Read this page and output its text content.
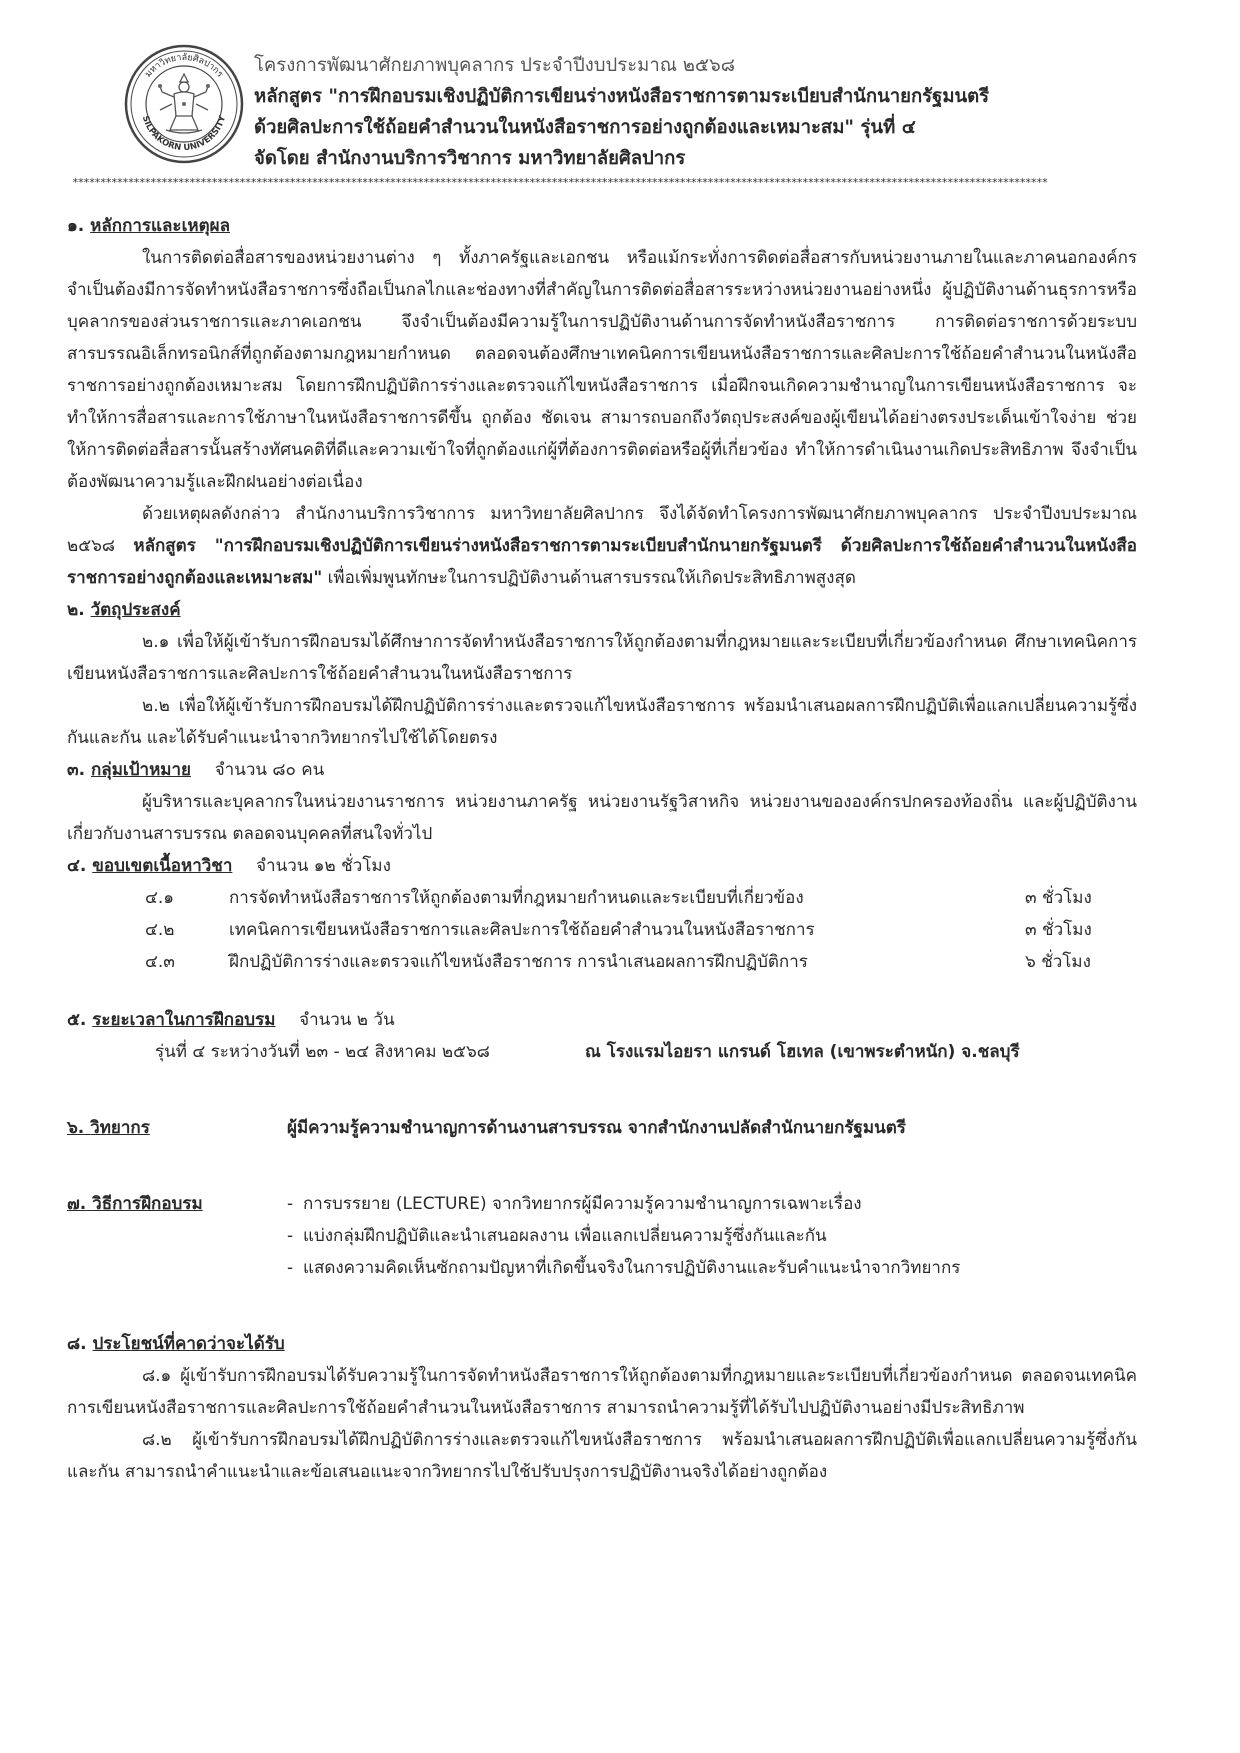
มหาวิทยาลัยศิลปากร
SILPAKORN UNIVERSITY
โครงการพัฒนาศักยภาพบุคลากร ประจำปีงบประมาณ ๒๕๖๘
หลักสูตร "การฝึกอบรมเชิงปฏิบัติการเขียนร่างหนังสือราชการตามระเบียบสำนักนายกรัฐมนตรี
ด้วยศิลปะการใช้ถ้อยคำสำนวนในหนังสือราชการอย่างถูกต้องและเหมาะสม" รุ่นที่ ๔
จัดโดย สำนักงานบริการวิชาการ มหาวิทยาลัยศิลปากร
*******************************************************************************************************************************************************************************
๑. หลักการและเหตุผล
ในการติดต่อสื่อสารของหน่วยงานต่าง ๆ ทั้งภาครัฐและเอกชน หรือแม้กระทั่งการติดต่อสื่อสารกับหน่วยงานภายในและภาคนอกองค์กร จำเป็นต้องมีการจัดทำหนังสือราชการซึ่งถือเป็นกลไกและช่องทางที่สำคัญในการติดต่อสื่อสารระหว่างหน่วยงานอย่างหนึ่ง ผู้ปฏิบัติงานด้านธุรการหรือบุคลากรของส่วนราชการและภาคเอกชน จึงจำเป็นต้องมีความรู้ในการปฏิบัติงานด้านการจัดทำหนังสือราชการ การติดต่อราชการด้วยระบบสารบรรณอิเล็กทรอนิกส์ที่ถูกต้องตามกฎหมายกำหนด ตลอดจนต้องศึกษาเทคนิคการเขียนหนังสือราชการและศิลปะการใช้ถ้อยคำสำนวนในหนังสือราชการอย่างถูกต้องเหมาะสม โดยการฝึกปฏิบัติการร่างและตรวจแก้ไขหนังสือราชการ เมื่อฝึกจนเกิดความชำนาญในการเขียนหนังสือราชการ จะทำให้การสื่อสารและการใช้ภาษาในหนังสือราชการดีขึ้น ถูกต้อง ชัดเจน สามารถบอกถึงวัตถุประสงค์ของผู้เขียนได้อย่างตรงประเด็นเข้าใจง่าย ช่วยให้การติดต่อสื่อสารนั้นสร้างทัศนคติที่ดีและความเข้าใจที่ถูกต้องแก่ผู้ที่ต้องการติดต่อหรือผู้ที่เกี่ยวข้อง ทำให้การดำเนินงานเกิดประสิทธิภาพ จึงจำเป็นต้องพัฒนาความรู้และฝึกฝนอย่างต่อเนื่อง
ด้วยเหตุผลดังกล่าว สำนักงานบริการวิชาการ มหาวิทยาลัยศิลปากร จึงได้จัดทำโครงการพัฒนาศักยภาพบุคลากร ประจำปีงบประมาณ ๒๕๖๘ หลักสูตร "การฝึกอบรมเชิงปฏิบัติการเขียนร่างหนังสือราชการตามระเบียบสำนักนายกรัฐมนตรี ด้วยศิลปะการใช้ถ้อยคำสำนวนในหนังสือราชการอย่างถูกต้องและเหมาะสม" เพื่อเพิ่มพูนทักษะในการปฏิบัติงานด้านสารบรรณให้เกิดประสิทธิภาพสูงสุด
๒. วัตถุประสงค์
๒.๑ เพื่อให้ผู้เข้ารับการฝึกอบรมได้ศึกษาการจัดทำหนังสือราชการให้ถูกต้องตามที่กฎหมายและระเบียบที่เกี่ยวข้องกำหนด ศึกษาเทคนิคการเขียนหนังสือราชการและศิลปะการใช้ถ้อยคำสำนวนในหนังสือราชการ
๒.๒ เพื่อให้ผู้เข้ารับการฝึกอบรมได้ฝึกปฏิบัติการร่างและตรวจแก้ไขหนังสือราชการ พร้อมนำเสนอผลการฝึกปฏิบัติเพื่อแลกเปลี่ยนความรู้ซึ่งกันและกัน และได้รับคำแนะนำจากวิทยากรไปใช้ได้โดยตรง
๓. กลุ่มเป้าหมาย จำนวน ๘๐ คน
ผู้บริหารและบุคลากรในหน่วยงานราชการ หน่วยงานภาครัฐ หน่วยงานรัฐวิสาหกิจ หน่วยงานขององค์กรปกครองท้องถิ่น และผู้ปฏิบัติงานเกี่ยวกับงานสารบรรณ ตลอดจนบุคคลที่สนใจทั่วไป
๔. ขอบเขตเนื้อหาวิชา จำนวน ๑๒ ชั่วโมง
๔.๑	การจัดทำหนังสือราชการให้ถูกต้องตามที่กฎหมายกำหนดและระเบียบที่เกี่ยวข้อง	๓ ชั่วโมง
๔.๒	เทคนิคการเขียนหนังสือราชการและศิลปะการใช้ถ้อยคำสำนวนในหนังสือราชการ	๓ ชั่วโมง
๔.๓	ฝึกปฏิบัติการร่างและตรวจแก้ไขหนังสือราชการ การนำเสนอผลการฝึกปฏิบัติการ	๖ ชั่วโมง
๕. ระยะเวลาในการฝึกอบรม จำนวน ๒ วัน
รุ่นที่ ๔ ระหว่างวันที่ ๒๓ - ๒๔ สิงหาคม ๒๕๖๘	ณ โรงแรมไอยรา แกรนด์ โฮเทล (เขาพระตำหนัก) จ.ชลบุรี
๖. วิทยากร	ผู้มีความรู้ความชำนาญการด้านงานสารบรรณ จากสำนักงานปลัดสำนักนายกรัฐมนตรี
๗. วิธีการฝึกอบรม	- การบรรยาย (LECTURE) จากวิทยากรผู้มีความรู้ความชำนาญการเฉพาะเรื่อง
- แบ่งกลุ่มฝึกปฏิบัติและนำเสนอผลงาน เพื่อแลกเปลี่ยนความรู้ซึ่งกันและกัน
- แสดงความคิดเห็นซักถามปัญหาที่เกิดขึ้นจริงในการปฏิบัติงานและรับคำแนะนำจากวิทยากร
๘. ประโยชน์ที่คาดว่าจะได้รับ
๘.๑ ผู้เข้ารับการฝึกอบรมได้รับความรู้ในการจัดทำหนังสือราชการให้ถูกต้องตามที่กฎหมายและระเบียบที่เกี่ยวข้องกำหนด ตลอดจนเทคนิคการเขียนหนังสือราชการและศิลปะการใช้ถ้อยคำสำนวนในหนังสือราชการ สามารถนำความรู้ที่ได้รับไปปฏิบัติงานอย่างมีประสิทธิภาพ
๘.๒ ผู้เข้ารับการฝึกอบรมได้ฝึกปฏิบัติการร่างและตรวจแก้ไขหนังสือราชการ พร้อมนำเสนอผลการฝึกปฏิบัติเพื่อแลกเปลี่ยนความรู้ซึ่งกันและกัน สามารถนำคำแนะนำและข้อเสนอแนะจากวิทยากรไปใช้ปรับปรุงการปฏิบัติงานจริงได้อย่างถูกต้อง
